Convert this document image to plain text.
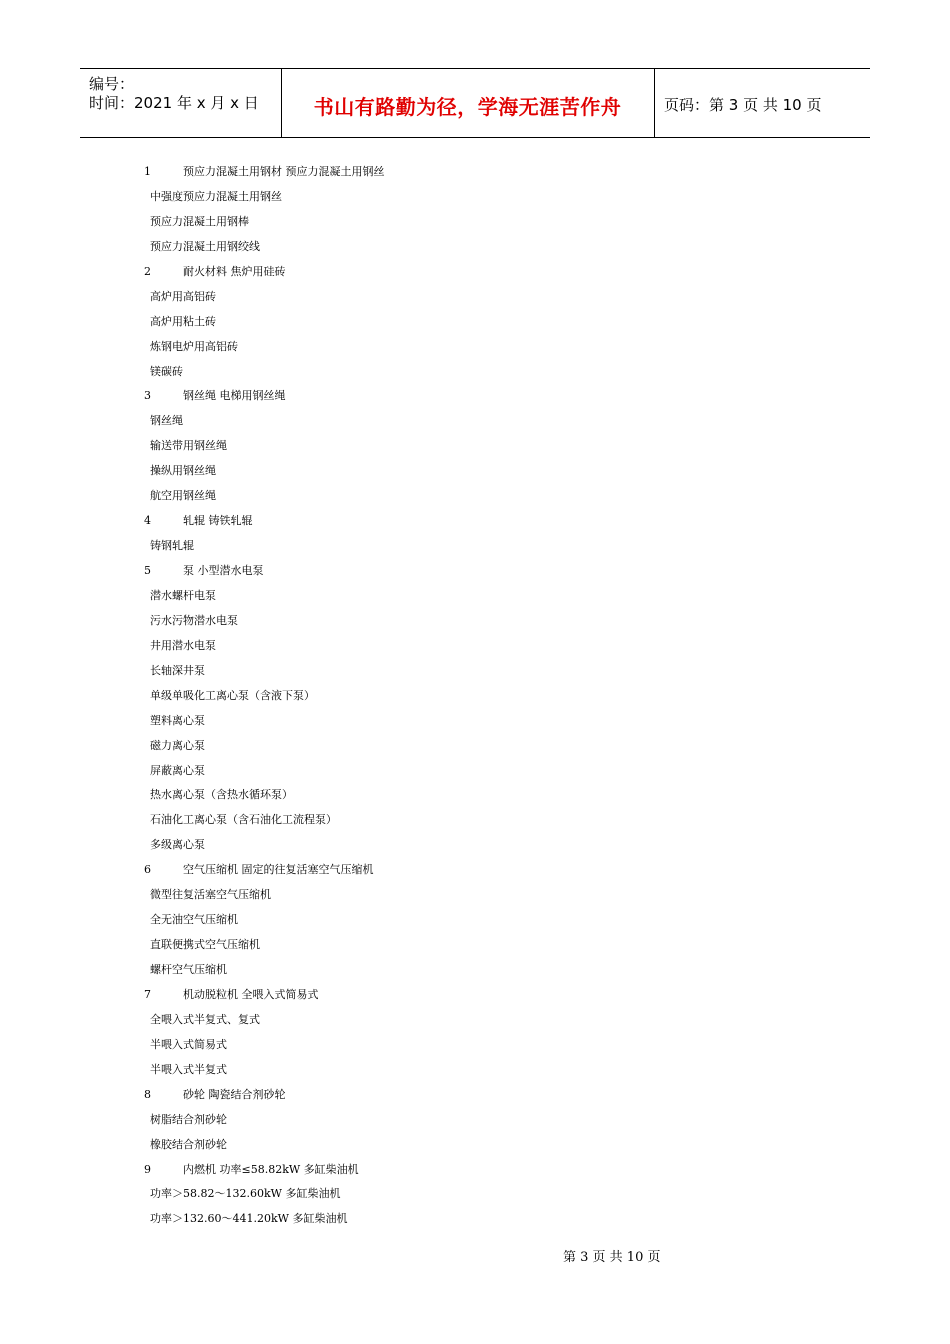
编号：
时间：2021 年 x 月 x 日	书山有路勤为径，学海无涯苦作舟	页码：第 3 页 共 10 页
1	预应力混凝土用钢材 预应力混凝土用钢丝
中强度预应力混凝土用钢丝
预应力混凝土用钢棒
预应力混凝土用钢绞线
2	耐火材料 焦炉用硅砖
高炉用高铝砖
高炉用粘土砖
炼钢电炉用高铝砖
镁碳砖
3	钢丝绳 电梯用钢丝绳
钢丝绳
输送带用钢丝绳
操纵用钢丝绳
航空用钢丝绳
4	轧辊 铸铁轧辊
铸钢轧辊
5	泵 小型潜水电泵
潜水螺杆电泵
污水污物潜水电泵
井用潜水电泵
长轴深井泵
单级单吸化工离心泵（含液下泵）
塑料离心泵
磁力离心泵
屏蔽离心泵
热水离心泵（含热水循环泵）
石油化工离心泵（含石油化工流程泵）
多级离心泵
6	空气压缩机 固定的往复活塞空气压缩机
微型往复活塞空气压缩机
全无油空气压缩机
直联便携式空气压缩机
螺杆空气压缩机
7	机动脱粒机 全喂入式简易式
全喂入式半复式、复式
半喂入式简易式
半喂入式半复式
8	砂轮 陶瓷结合剂砂轮
树脂结合剂砂轮
橡胶结合剂砂轮
9	内燃机 功率≤58.82kW 多缸柴油机
功率＞58.82～132.60kW 多缸柴油机
功率＞132.60～441.20kW 多缸柴油机
第 3 页 共 10 页
